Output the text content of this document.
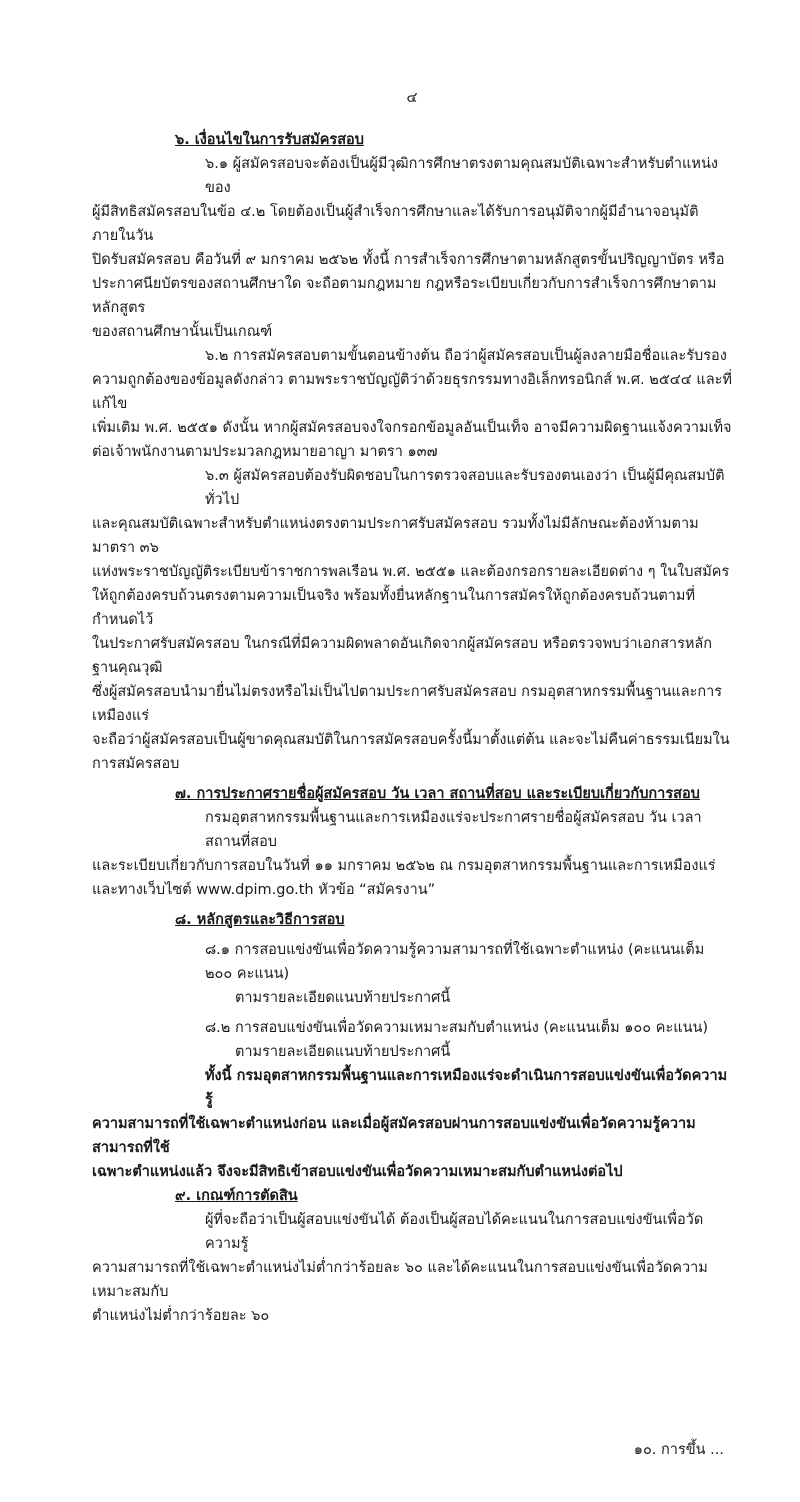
๔
๖. เงื่อนไขในการรับสมัครสอบ
๖.๑ ผู้สมัครสอบจะต้องเป็นผู้มีวุฒิการศึกษาตรงตามคุณสมบัติเฉพาะสำหรับตำแหน่งของ
ผู้มีสิทธิสมัครสอบในข้อ ๔.๒ โดยต้องเป็นผู้สำเร็จการศึกษาและได้รับการอนุมัติจากผู้มีอำนาจอนุมัติภายในวัน
ปิดรับสมัครสอบ คือวันที่ ๙ มกราคม ๒๕๖๒ ทั้งนี้ การสำเร็จการศึกษาตามหลักสูตรขั้นปริญญาบัตร หรือ
ประกาศนียบัตรของสถานศึกษาใด จะถือตามกฎหมาย กฎหรือระเบียบเกี่ยวกับการสำเร็จการศึกษาตามหลักสูตร
ของสถานศึกษานั้นเป็นเกณฑ์
๖.๒ การสมัครสอบตามขั้นตอนข้างต้น ถือว่าผู้สมัครสอบเป็นผู้ลงลายมือชื่อและรับรอง
ความถูกต้องของข้อมูลดังกล่าว ตามพระราชบัญญัติว่าด้วยธุรกรรมทางอิเล็กทรอนิกส์ พ.ศ. ๒๕๔๔ และที่แก้ไข
เพิ่มเติม พ.ศ. ๒๕๕๑ ดังนั้น หากผู้สมัครสอบจงใจกรอกข้อมูลอันเป็นเท็จ อาจมีความผิดฐานแจ้งความเท็จ
ต่อเจ้าพนักงานตามประมวลกฎหมายอาญา มาตรา ๑๓๗
๖.๓ ผู้สมัครสอบต้องรับผิดชอบในการตรวจสอบและรับรองตนเองว่า เป็นผู้มีคุณสมบัติทั่วไป
และคุณสมบัติเฉพาะสำหรับตำแหน่งตรงตามประกาศรับสมัครสอบ รวมทั้งไม่มีลักษณะต้องห้ามตามมาตรา ๓๖
แห่งพระราชบัญญัติระเบียบข้าราชการพลเรือน พ.ศ. ๒๕๕๑ และต้องกรอกรายละเอียดต่าง ๆ ในใบสมัคร
ให้ถูกต้องครบถ้วนตรงตามความเป็นจริง พร้อมทั้งยื่นหลักฐานในการสมัครให้ถูกต้องครบถ้วนตามที่กำหนดไว้
ในประกาศรับสมัครสอบ ในกรณีที่มีความผิดพลาดอันเกิดจากผู้สมัครสอบ หรือตรวจพบว่าเอกสารหลักฐานคุณวุฒิ
ซึ่งผู้สมัครสอบนำมายื่นไม่ตรงหรือไม่เป็นไปตามประกาศรับสมัครสอบ กรมอุตสาหกรรมพื้นฐานและการเหมืองแร่
จะถือว่าผู้สมัครสอบเป็นผู้ขาดคุณสมบัติในการสมัครสอบครั้งนี้มาตั้งแต่ต้น และจะไม่คืนค่าธรรมเนียมในการสมัครสอบ
๗. การประกาศรายชื่อผู้สมัครสอบ วัน เวลา สถานที่สอบ และระเบียบเกี่ยวกับการสอบ
กรมอุตสาหกรรมพื้นฐานและการเหมืองแร่จะประกาศรายชื่อผู้สมัครสอบ วัน เวลา สถานที่สอบ
และระเบียบเกี่ยวกับการสอบในวันที่ ๑๑ มกราคม ๒๕๖๒ ณ กรมอุตสาหกรรมพื้นฐานและการเหมืองแร่
และทางเว็บไซต์ www.dpim.go.th หัวข้อ “สมัครงาน”
๘. หลักสูตรและวิธีการสอบ
๘.๑ การสอบแข่งขันเพื่อวัดความรู้ความสามารถที่ใช้เฉพาะตำแหน่ง (คะแนนเต็ม ๒๐๐ คะแนน)
ตามรายละเอียดแนบท้ายประกาศนี้
๘.๒ การสอบแข่งขันเพื่อวัดความเหมาะสมกับตำแหน่ง (คะแนนเต็ม ๑๐๐ คะแนน)
ตามรายละเอียดแนบท้ายประกาศนี้
ทั้งนี้ กรมอุตสาหกรรมพื้นฐานและการเหมืองแร่จะดำเนินการสอบแข่งขันเพื่อวัดความรู้
ความสามารถที่ใช้เฉพาะตำแหน่งก่อน และเมื่อผู้สมัครสอบผ่านการสอบแข่งขันเพื่อวัดความรู้ความสามารถที่ใช้
เฉพาะตำแหน่งแล้ว จึงจะมีสิทธิเข้าสอบแข่งขันเพื่อวัดความเหมาะสมกับตำแหน่งต่อไป
๙. เกณฑ์การตัดสิน
ผู้ที่จะถือว่าเป็นผู้สอบแข่งขันได้ ต้องเป็นผู้สอบได้คะแนนในการสอบแข่งขันเพื่อวัดความรู้
ความสามารถที่ใช้เฉพาะตำแหน่งไม่ต่ำกว่าร้อยละ ๖๐ และได้คะแนนในการสอบแข่งขันเพื่อวัดความเหมาะสมกับ
ตำแหน่งไม่ต่ำกว่าร้อยละ ๖๐
๑๐. การขึ้น ...
